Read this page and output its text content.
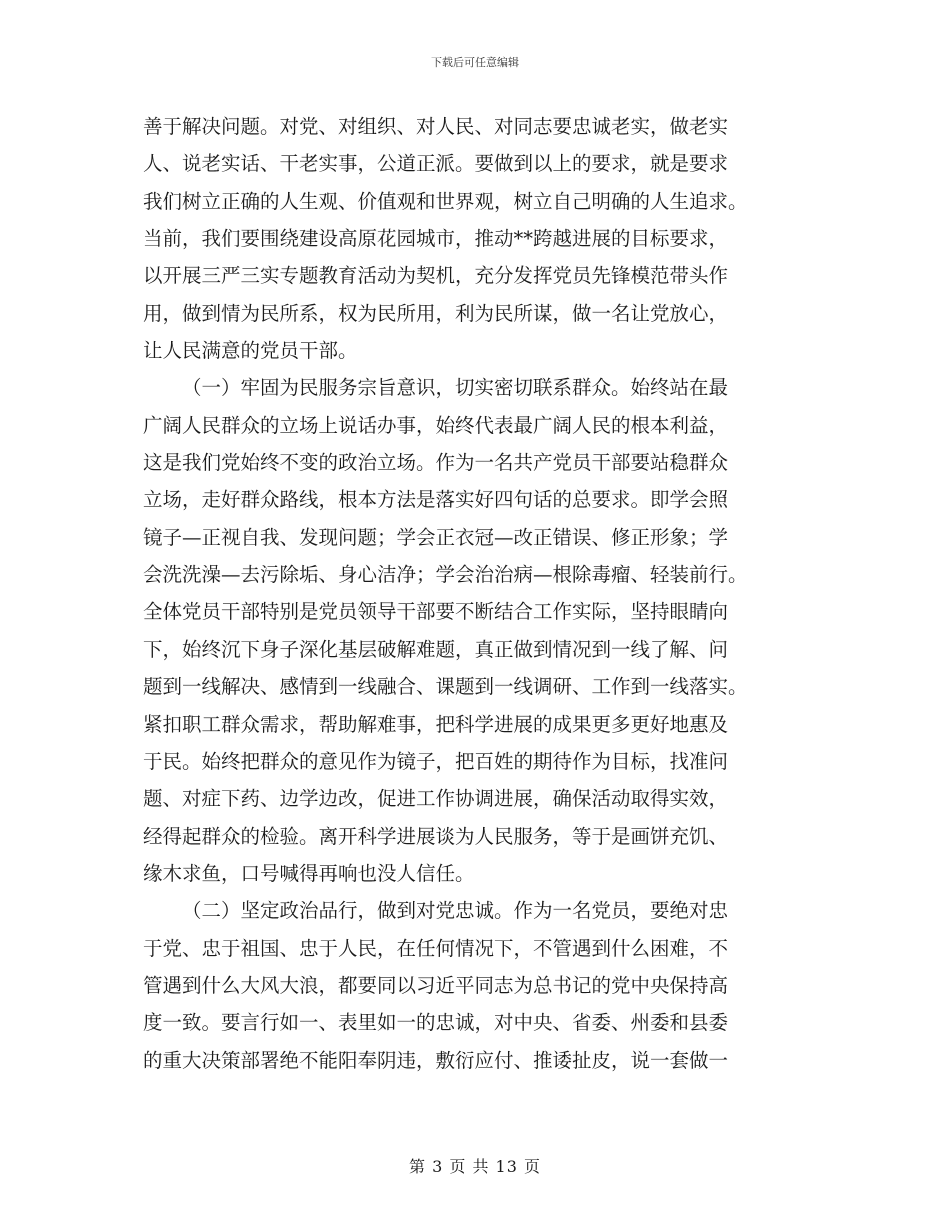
下载后可任意编辑
善于解决问题。对党、对组织、对人民、对同志要忠诚老实，做老实
人、说老实话、干老实事，公道正派。要做到以上的要求，就是要求
我们树立正确的人生观、价值观和世界观，树立自己明确的人生追求。
当前，我们要围绕建设高原花园城市，推动**跨越进展的目标要求，
以开展三严三实专题教育活动为契机，充分发挥党员先锋模范带头作
用，做到情为民所系，权为民所用，利为民所谋，做一名让党放心，
让人民满意的党员干部。
（一）牢固为民服务宗旨意识，切实密切联系群众。始终站在最
广阔人民群众的立场上说话办事，始终代表最广阔人民的根本利益，
这是我们党始终不变的政治立场。作为一名共产党员干部要站稳群众
立场，走好群众路线，根本方法是落实好四句话的总要求。即学会照
镜子—正视自我、发现问题；学会正衣冠—改正错误、修正形象；学
会洗洗澡—去污除垢、身心洁净；学会治治病—根除毒瘤、轻装前行。
全体党员干部特别是党员领导干部要不断结合工作实际，坚持眼睛向
下，始终沉下身子深化基层破解难题，真正做到情况到一线了解、问
题到一线解决、感情到一线融合、课题到一线调研、工作到一线落实。
紧扣职工群众需求，帮助解难事，把科学进展的成果更多更好地惠及
于民。始终把群众的意见作为镜子，把百姓的期待作为目标，找准问
题、对症下药、边学边改，促进工作协调进展，确保活动取得实效，
经得起群众的检验。离开科学进展谈为人民服务，等于是画饼充饥、
缘木求鱼，口号喊得再响也没人信任。
（二）坚定政治品行，做到对党忠诚。作为一名党员，要绝对忠
于党、忠于祖国、忠于人民，在任何情况下，不管遇到什么困难，不
管遇到什么大风大浪，都要同以习近平同志为总书记的党中央保持高
度一致。要言行如一、表里如一的忠诚，对中央、省委、州委和县委
的重大决策部署绝不能阳奉阴违，敷衍应付、推诿扯皮，说一套做一
第 3 页 共 13 页
